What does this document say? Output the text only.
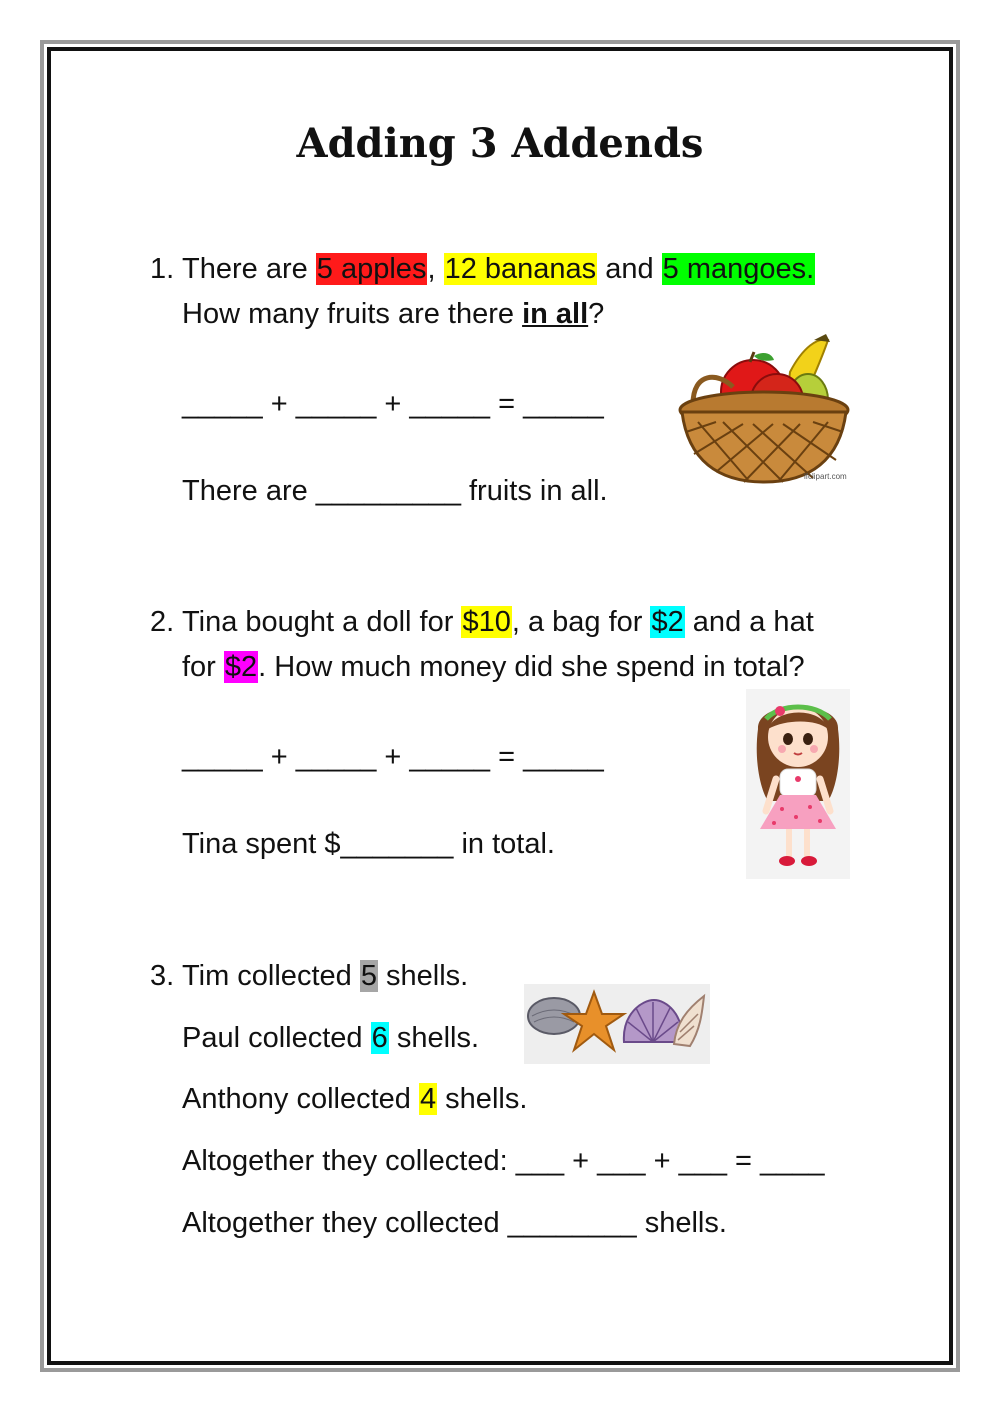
Adding 3 Addends
1. There are 5 apples, 12 bananas and 5 mangoes.
How many fruits are there in all?
_____ + _____ + _____ = _____
There are _________ fruits in all.	lfclipart.com
2. Tina bought a doll for $10, a bag for $2 and a hat
for $2. How much money did she spend in total?
_____ + _____ + _____ = _____
Tina spent $_______ in total.
3. Tim collected 5 shells.
Paul collected 6 shells.
Anthony collected 4 shells.
Altogether they collected: ___ + ___ + ___ = ____
Altogether they collected ________ shells.
